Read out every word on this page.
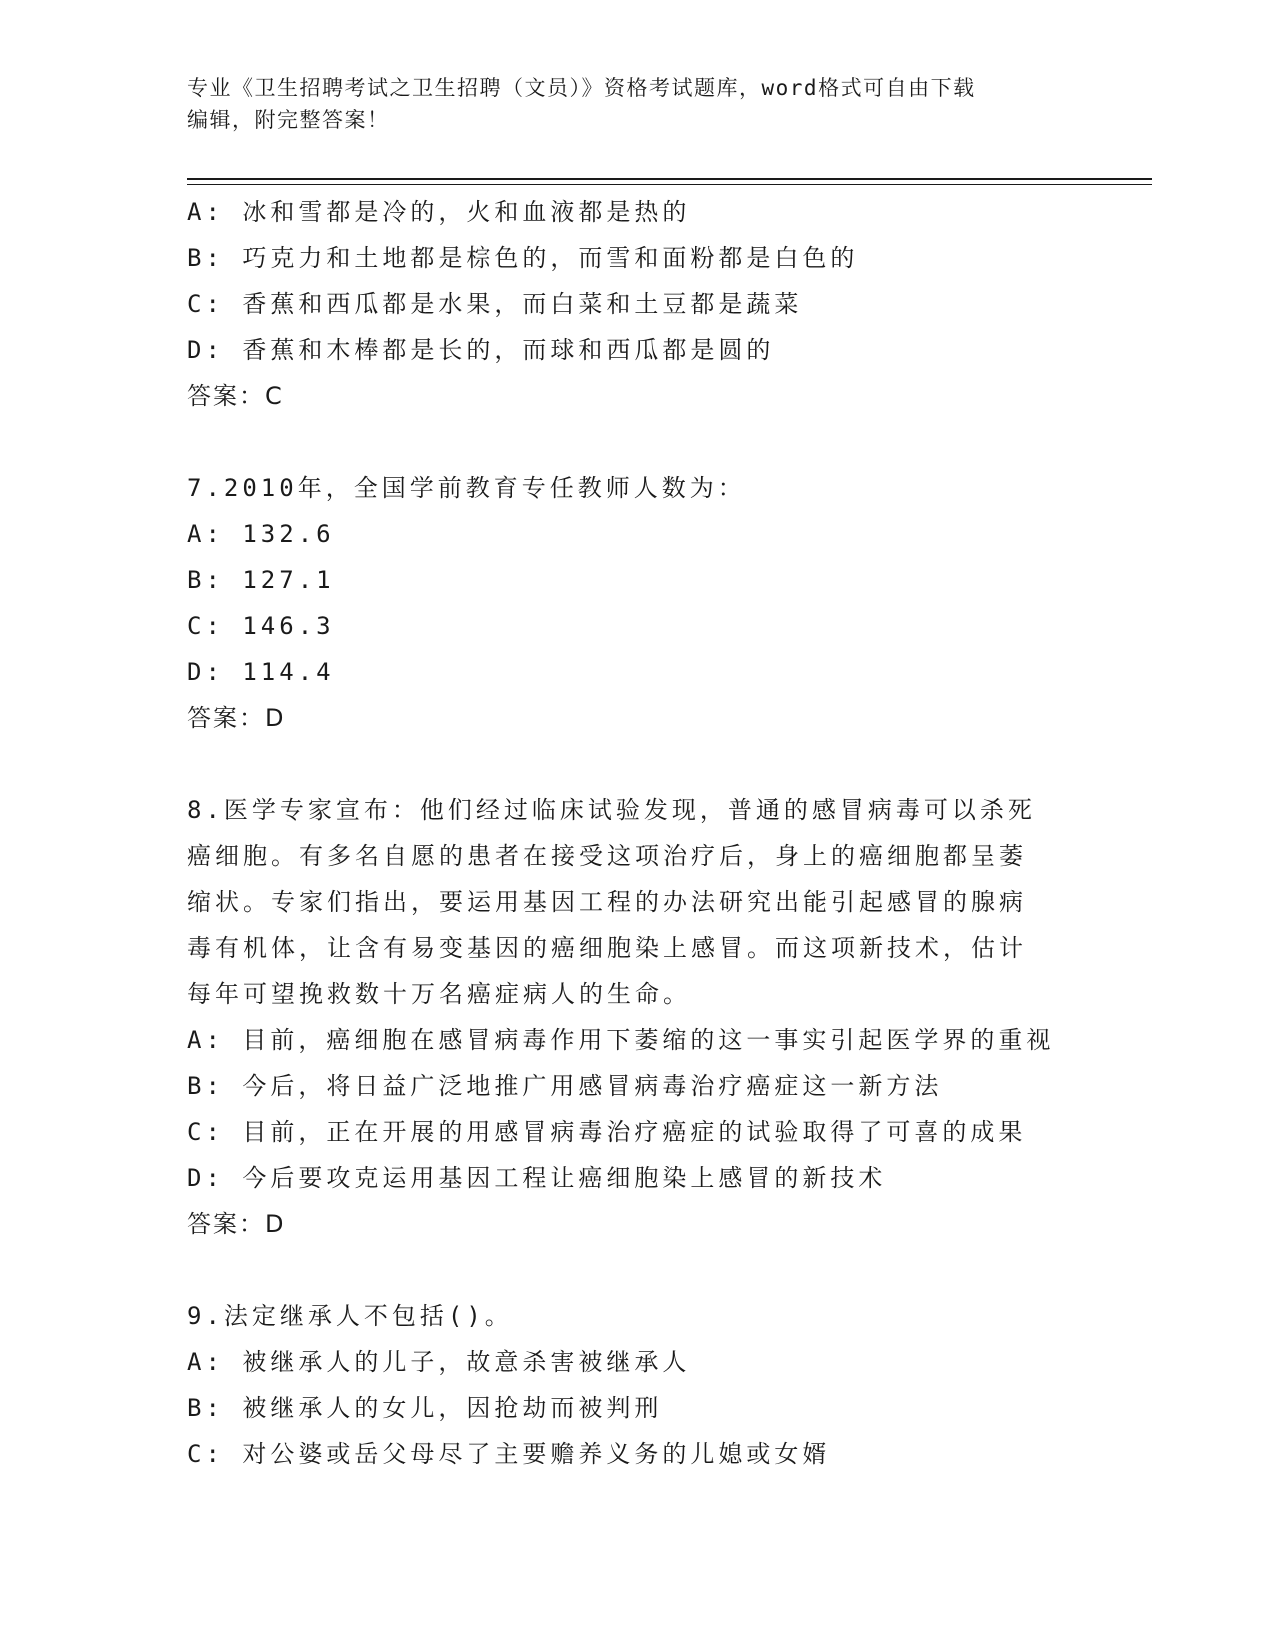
专业《卫生招聘考试之卫生招聘（文员）》资格考试题库，word格式可自由下载
编辑，附完整答案！
A: 冰和雪都是冷的，火和血液都是热的
B: 巧克力和土地都是棕色的，而雪和面粉都是白色的
C: 香蕉和西瓜都是水果，而白菜和土豆都是蔬菜
D: 香蕉和木棒都是长的，而球和西瓜都是圆的
答案：C
7.2010年，全国学前教育专任教师人数为：
A: 132.6
B: 127.1
C: 146.3
D: 114.4
答案：D
8.医学专家宣布：他们经过临床试验发现，普通的感冒病毒可以杀死
癌细胞。有多名自愿的患者在接受这项治疗后，身上的癌细胞都呈萎
缩状。专家们指出，要运用基因工程的办法研究出能引起感冒的腺病
毒有机体，让含有易变基因的癌细胞染上感冒。而这项新技术，估计
每年可望挽救数十万名癌症病人的生命。
A: 目前，癌细胞在感冒病毒作用下萎缩的这一事实引起医学界的重视
B: 今后，将日益广泛地推广用感冒病毒治疗癌症这一新方法
C: 目前，正在开展的用感冒病毒治疗癌症的试验取得了可喜的成果
D: 今后要攻克运用基因工程让癌细胞染上感冒的新技术
答案：D
9.法定继承人不包括()。
A: 被继承人的儿子，故意杀害被继承人
B: 被继承人的女儿，因抢劫而被判刑
C: 对公婆或岳父母尽了主要赡养义务的儿媳或女婿
